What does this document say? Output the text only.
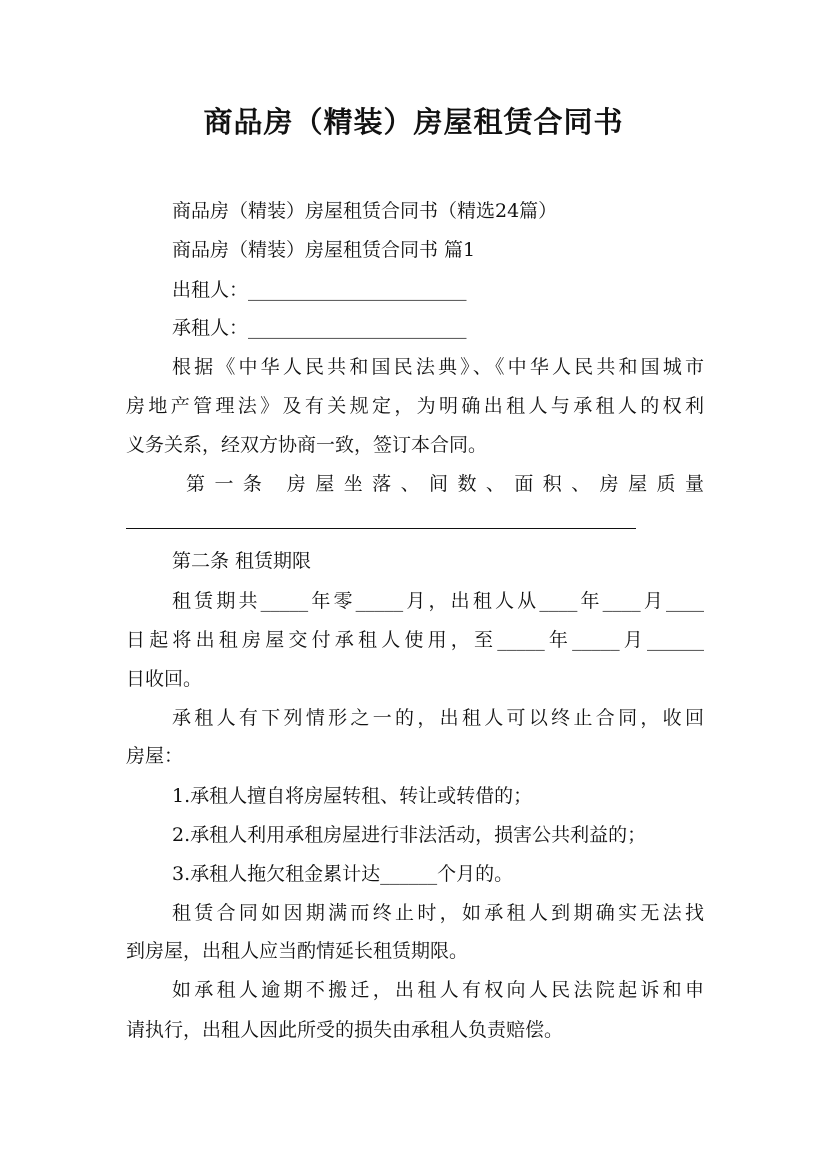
商品房（精装）房屋租赁合同书
商品房（精装）房屋租赁合同书（精选24篇）
商品房（精装）房屋租赁合同书 篇1
出租人：_______________________
承租人：_______________________
根据《中华人民共和国民法典》、《中华人民共和国城市
房地产管理法》及有关规定，为明确出租人与承租人的权利
义务关系，经双方协商一致，签订本合同。
第一条 房屋坐落、间数、面积、房屋质量
第二条 租赁期限
租赁期共_____年零_____月，出租人从____年____月____
日起将出租房屋交付承租人使用，至_____年_____月______
日收回。
承租人有下列情形之一的，出租人可以终止合同，收回
房屋：
1.承租人擅自将房屋转租、转让或转借的；
2.承租人利用承租房屋进行非法活动，损害公共利益的；
3.承租人拖欠租金累计达______个月的。
租赁合同如因期满而终止时，如承租人到期确实无法找
到房屋，出租人应当酌情延长租赁期限。
如承租人逾期不搬迁，出租人有权向人民法院起诉和申
请执行，出租人因此所受的损失由承租人负责赔偿。
